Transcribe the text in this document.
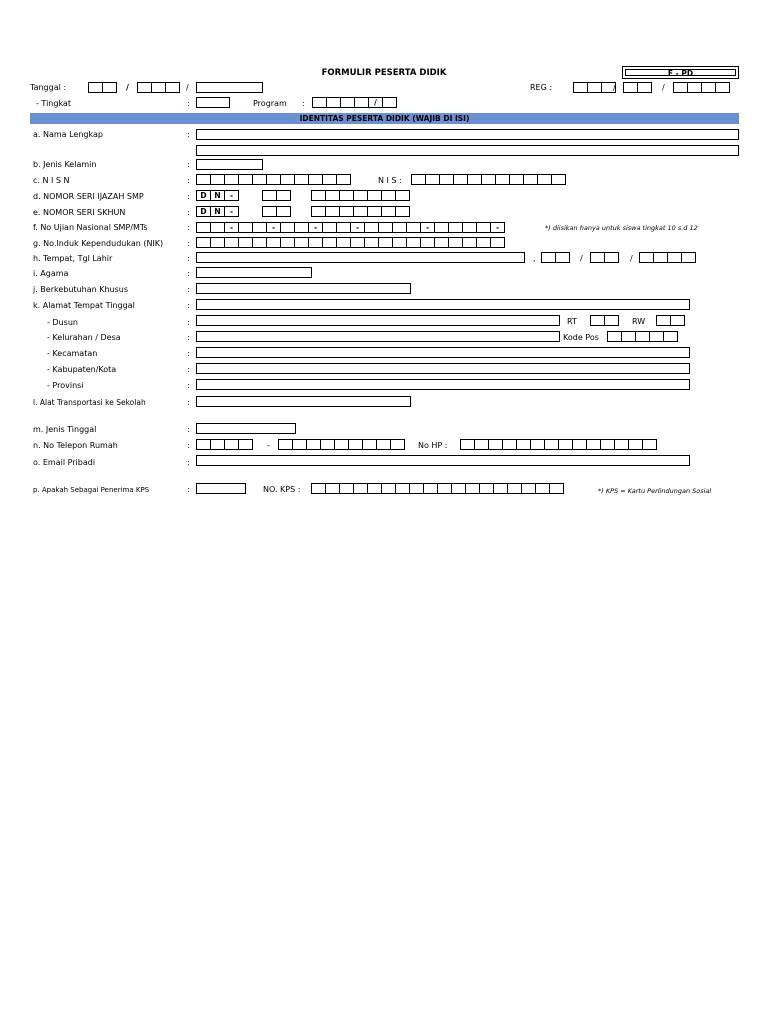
FORMULIR PESERTA DIDIK	F - PD
Tanggal :	/	/	REG :	/	/
- Tingkat	:	Program :	/
IDENTITAS PESERTA DIDIK (WAJIB DI ISI)
a. Nama Lengkap	:
b. Jenis Kelamin	:
c. N I S N	:	N I S :
d. NOMOR SERI IJAZAH SMP	:	D	N	-
e. NOMOR SERI SKHUN	:	D	N	-
f. No Ujian Nasional SMP/MTs	:	-	-	-	-	-	-	*) diisikan hanya untuk siswa tingkat 10 s.d 12
g. No.Induk Kependudukan (NIK)	:
h. Tempat, Tgl Lahir	:	,	/	/
i. Agama	:
j. Berkebutuhan Khusus	:
k. Alamat Tempat Tinggal	:
- Dusun	:	RT	RW
- Kelurahan / Desa	:	Kode Pos
- Kecamatan	:
- Kabupaten/Kota	:
- Provinsi	:
l. Alat Transportasi ke Sekolah	:
m. Jenis Tinggal	:
n. No Telepon Rumah	:	-	No HP :
o. Email Pribadi	:
p. Apakah Sebagai Penerima KPS	:	NO. KPS :	*) KPS = Kartu Perlindungan Sosial
